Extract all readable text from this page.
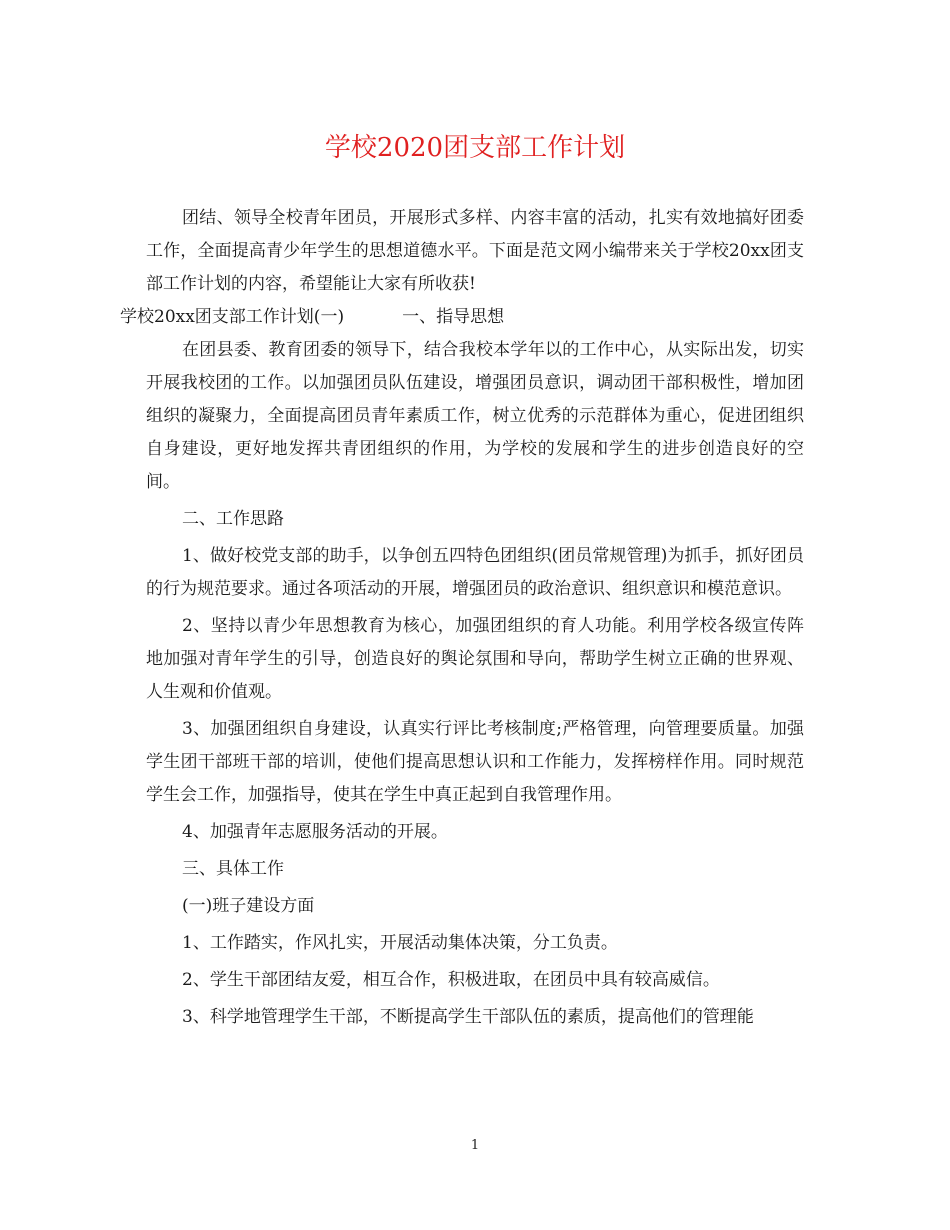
学校2020团支部工作计划

团结、领导全校青年团员，开展形式多样、内容丰富的活动，扎实有效地搞好团委工作，全面提高青少年学生的思想道德水平。下面是范文网小编带来关于学校20xx团支部工作计划的内容，希望能让大家有所收获!

学校20xx团支部工作计划(一)	一、指导思想

在团县委、教育团委的领导下，结合我校本学年以的工作中心，从实际出发，切实开展我校团的工作。以加强团员队伍建设，增强团员意识，调动团干部积极性，增加团组织的凝聚力，全面提高团员青年素质工作，树立优秀的示范群体为重心，促进团组织自身建设，更好地发挥共青团组织的作用，为学校的发展和学生的进步创造良好的空间。

二、工作思路

1、做好校党支部的助手，以争创五四特色团组织(团员常规管理)为抓手，抓好团员的行为规范要求。通过各项活动的开展，增强团员的政治意识、组织意识和模范意识。

2、坚持以青少年思想教育为核心，加强团组织的育人功能。利用学校各级宣传阵地加强对青年学生的引导，创造良好的舆论氛围和导向，帮助学生树立正确的世界观、人生观和价值观。

3、加强团组织自身建设，认真实行评比考核制度;严格管理，向管理要质量。加强学生团干部班干部的培训，使他们提高思想认识和工作能力，发挥榜样作用。同时规范学生会工作，加强指导，使其在学生中真正起到自我管理作用。

4、加强青年志愿服务活动的开展。

三、具体工作

(一)班子建设方面

1、工作踏实，作风扎实，开展活动集体决策，分工负责。

2、学生干部团结友爱，相互合作，积极进取，在团员中具有较高威信。

3、科学地管理学生干部，不断提高学生干部队伍的素质，提高他们的管理能

1
